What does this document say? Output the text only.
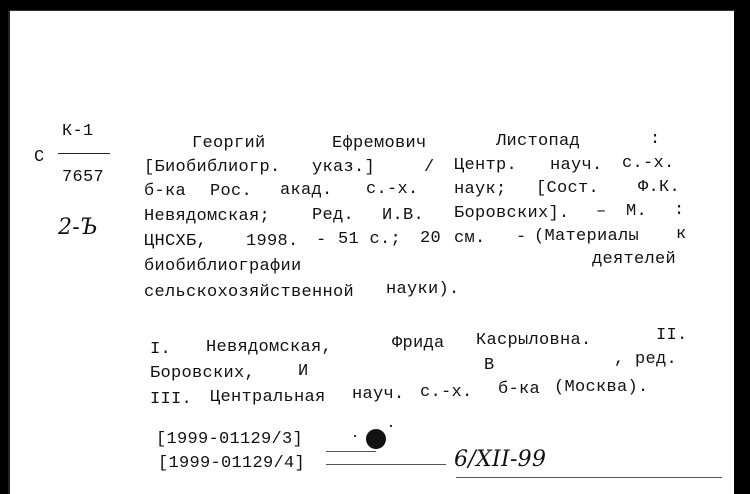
С
К-1
7657
2-Ъ
Георгий	Ефремович	Листопад	:
[Биобиблиогр. указ.]	/ Центр. науч. с.-х.
б-ка Рос. акад. с.-х. наук; [Сост. Ф.К.
Невядомская; Ред. И.В. Боровских]. – М. :
ЦНСХБ, 1998. - 51 с.; 20 см. - (Материалы к
биобиблиографии	деятелей
сельскохозяйственной науки).
I. Невядомская,	Фрида Касрыловна.	II.
Боровских,	И	В	, ред.
III. Центральная науч. с.-х. б-ка (Москва).
[1999-01129/3]
[1999-01129/4]	6/XII-99
